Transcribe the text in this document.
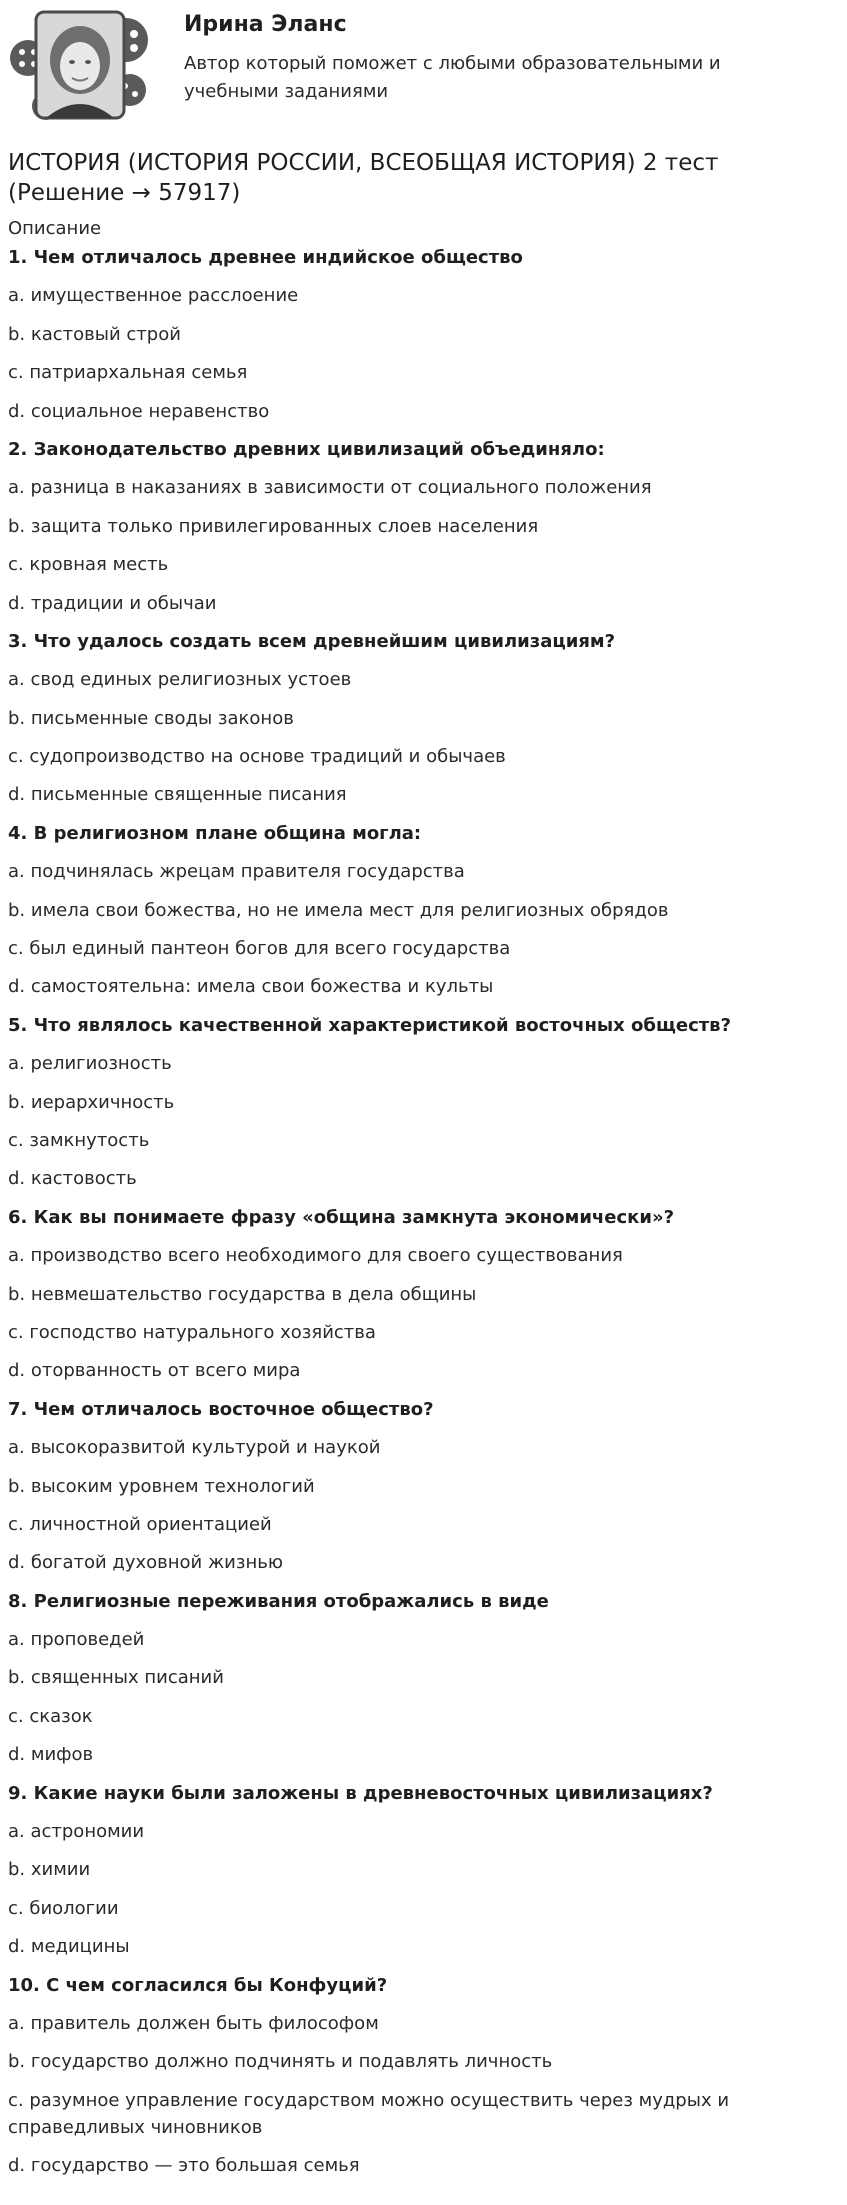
Ирина Эланс
Автор который поможет с любыми образовательными и учебными заданиями
ИСТОРИЯ (ИСТОРИЯ РОССИИ, ВСЕОБЩАЯ ИСТОРИЯ) 2 тест (Решение → 57917)
Описание
1. Чем отличалось древнее индийское общество
a. имущественное расслоение
b. кастовый строй
c. патриархальная семья
d. социальное неравенство
2. Законодательство древних цивилизаций объединяло:
a. разница в наказаниях в зависимости от социального положения
b. защита только привилегированных слоев населения
c. кровная месть
d. традиции и обычаи
3. Что удалось создать всем древнейшим цивилизациям?
a. свод единых религиозных устоев
b. письменные своды законов
c. судопроизводство на основе традиций и обычаев
d. письменные священные писания
4. В религиозном плане община могла:
a. подчинялась жрецам правителя государства
b. имела свои божества, но не имела мест для религиозных обрядов
c. был единый пантеон богов для всего государства
d. самостоятельна: имела свои божества и культы
5. Что являлось качественной характеристикой восточных обществ?
a. религиозность
b. иерархичность
c. замкнутость
d. кастовость
6. Как вы понимаете фразу «община замкнута экономически»?
a. производство всего необходимого для своего существования
b. невмешательство государства в дела общины
c. господство натурального хозяйства
d. оторванность от всего мира
7. Чем отличалось восточное общество?
a. высокоразвитой культурой и наукой
b. высоким уровнем технологий
c. личностной ориентацией
d. богатой духовной жизнью
8. Религиозные переживания отображались в виде
a. проповедей
b. священных писаний
c. сказок
d. мифов
9. Какие науки были заложены в древневосточных цивилизациях?
a. астрономии
b. химии
c. биологии
d. медицины
10. С чем согласился бы Конфуций?
a. правитель должен быть философом
b. государство должно подчинять и подавлять личность
c. разумное управление государством можно осуществить через мудрых и справедливых чиновников
d. государство — это большая семья
